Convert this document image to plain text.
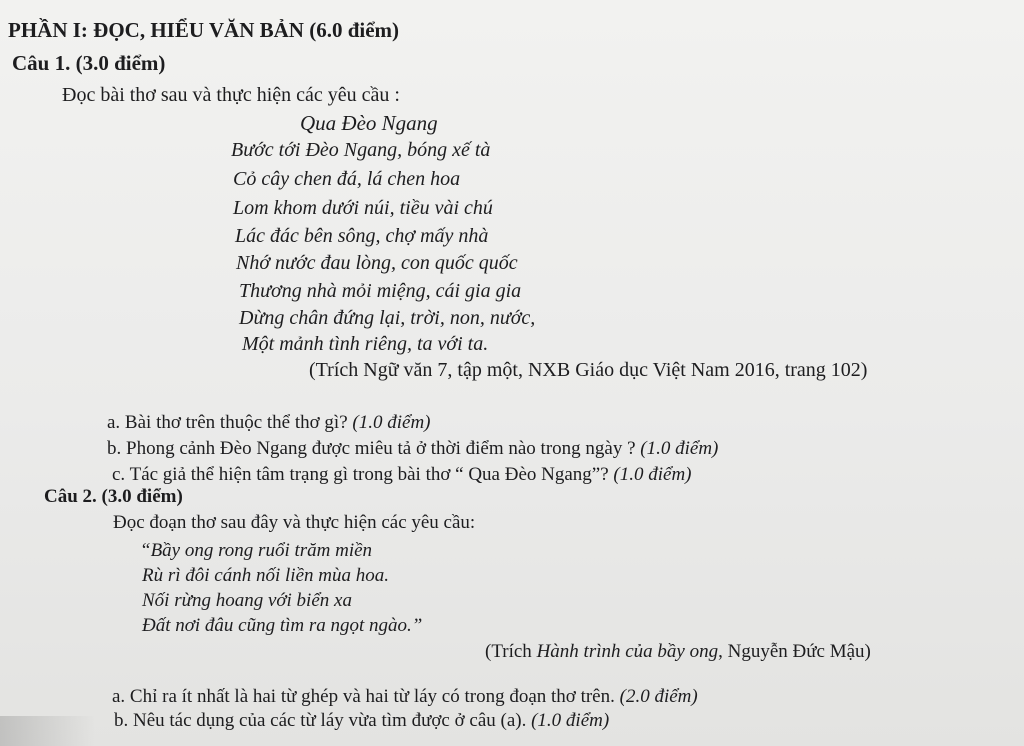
PHẦN I: ĐỌC, HIỂU VĂN BẢN (6.0 điểm)
Câu 1. (3.0 điểm)
Đọc bài thơ sau và thực hiện các yêu cầu :
Qua Đèo Ngang
Bước tới Đèo Ngang, bóng xế tà
Cỏ cây chen đá, lá chen hoa
Lom khom dưới núi, tiều vài chú
Lác đác bên sông, chợ mấy nhà
Nhớ nước đau lòng, con quốc quốc
Thương nhà mỏi miệng, cái gia gia
Dừng chân đứng lại, trời, non, nước,
Một mảnh tình riêng, ta với ta.
(Trích Ngữ văn 7, tập một, NXB Giáo dục Việt Nam 2016, trang 102)
a. Bài thơ trên thuộc thể thơ gì? (1.0 điểm)
b. Phong cảnh Đèo Ngang được miêu tả ở thời điểm nào trong ngày ? (1.0 điểm)
c. Tác giả thể hiện tâm trạng gì trong bài thơ “ Qua Đèo Ngang”? (1.0 điểm)
Câu 2. (3.0 điểm)
Đọc đoạn thơ sau đây và thực hiện các yêu cầu:
“Bầy ong rong ruổi trăm miền
Rù rì đôi cánh nối liền mùa hoa.
Nối rừng hoang với biển xa
Đất nơi đâu cũng tìm ra ngọt ngào.”
(Trích Hành trình của bầy ong, Nguyễn Đức Mậu)
a. Chỉ ra ít nhất là hai từ ghép và hai từ láy có trong đoạn thơ trên. (2.0 điểm)
b. Nêu tác dụng của các từ láy vừa tìm được ở câu (a). (1.0 điểm)
